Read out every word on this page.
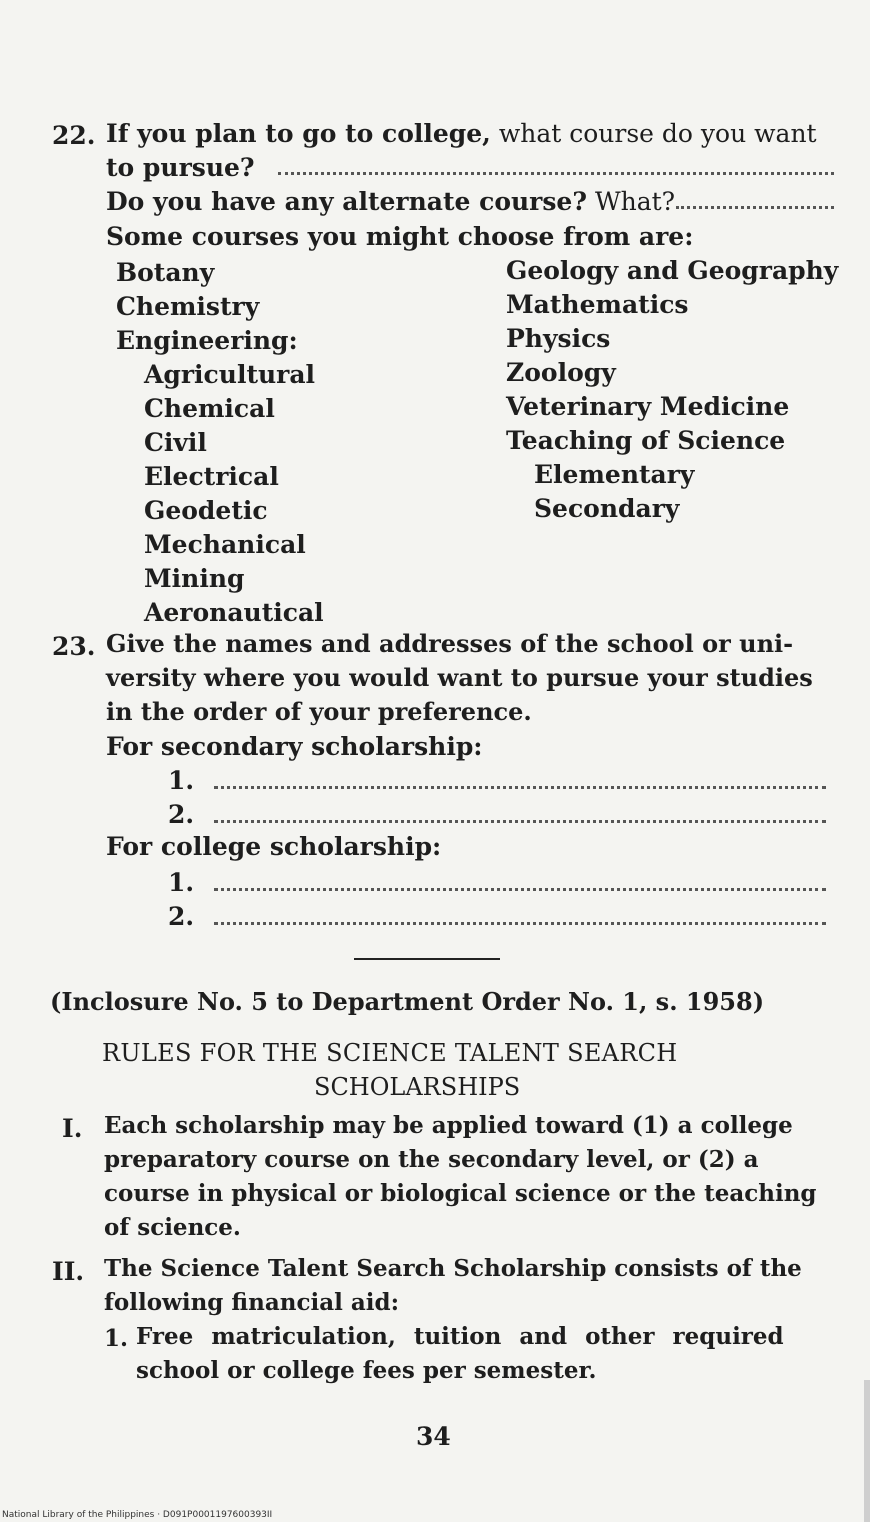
22. If you plan to go to college, what course do you want
to pursue?
Do you have any alternate course? What?
Some courses you might choose from are:
Botany
Chemistry
Engineering:
Agricultural
Chemical
Civil
Electrical
Geodetic
Mechanical
Mining
Aeronautical
Geology and Geography
Mathematics
Physics
Zoology
Veterinary Medicine
Teaching of Science
Elementary
Secondary
23. Give the names and addresses of the school or uni-
versity where you would want to pursue your studies
in the order of your preference.
For secondary scholarship:
1.
2.
For college scholarship:
1.
2.
(Inclosure No. 5 to Department Order No. 1, s. 1958)
RULES FOR THE SCIENCE TALENT SEARCH
SCHOLARSHIPS
I. Each scholarship may be applied toward (1) a college
preparatory course on the secondary level, or (2) a
course in physical or biological science or the teaching
of science.
II. The Science Talent Search Scholarship consists of the
following financial aid:
1. Free matriculation, tuition and other required
school or college fees per semester.
34
National Library of the Philippines · D091P0001197600393II
